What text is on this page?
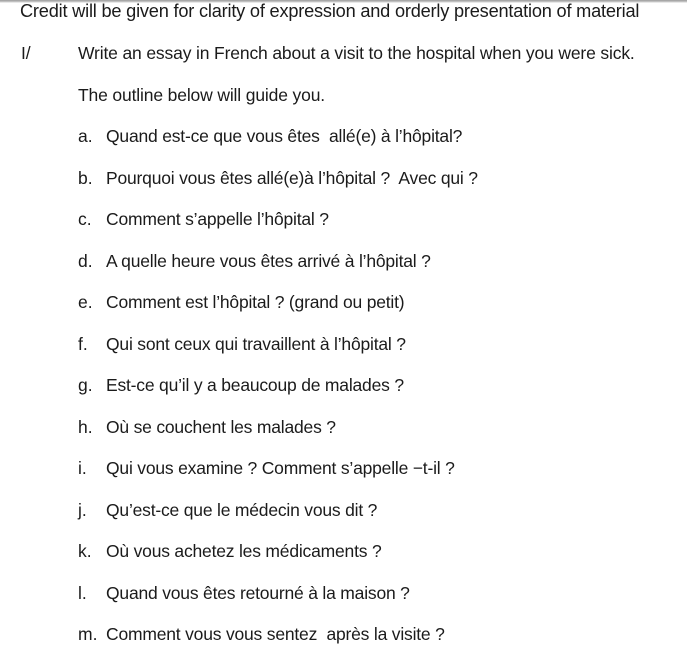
Credit will be given for clarity of expression and orderly presentation of material
I/	Write an essay in French about a visit to the hospital when you were sick.
The outline below will guide you.
a. Quand est-ce que vous êtes  allé(e) à l’hôpital?
b. Pourquoi vous êtes allé(e)à l’hôpital ?  Avec qui ?
c. Comment s’appelle l’hôpital ?
d. A quelle heure vous êtes arrivé à l’hôpital ?
e. Comment est l’hôpital ? (grand ou petit)
f. Qui sont ceux qui travaillent à l’hôpital ?
g. Est-ce qu’il y a beaucoup de malades ?
h. Où se couchent les malades ?
i. Qui vous examine ? Comment s’appelle −t-il ?
j. Qu’est-ce que le médecin vous dit ?
k. Où vous achetez les médicaments ?
l. Quand vous êtes retourné à la maison ?
m. Comment vous vous sentez  après la visite ?
